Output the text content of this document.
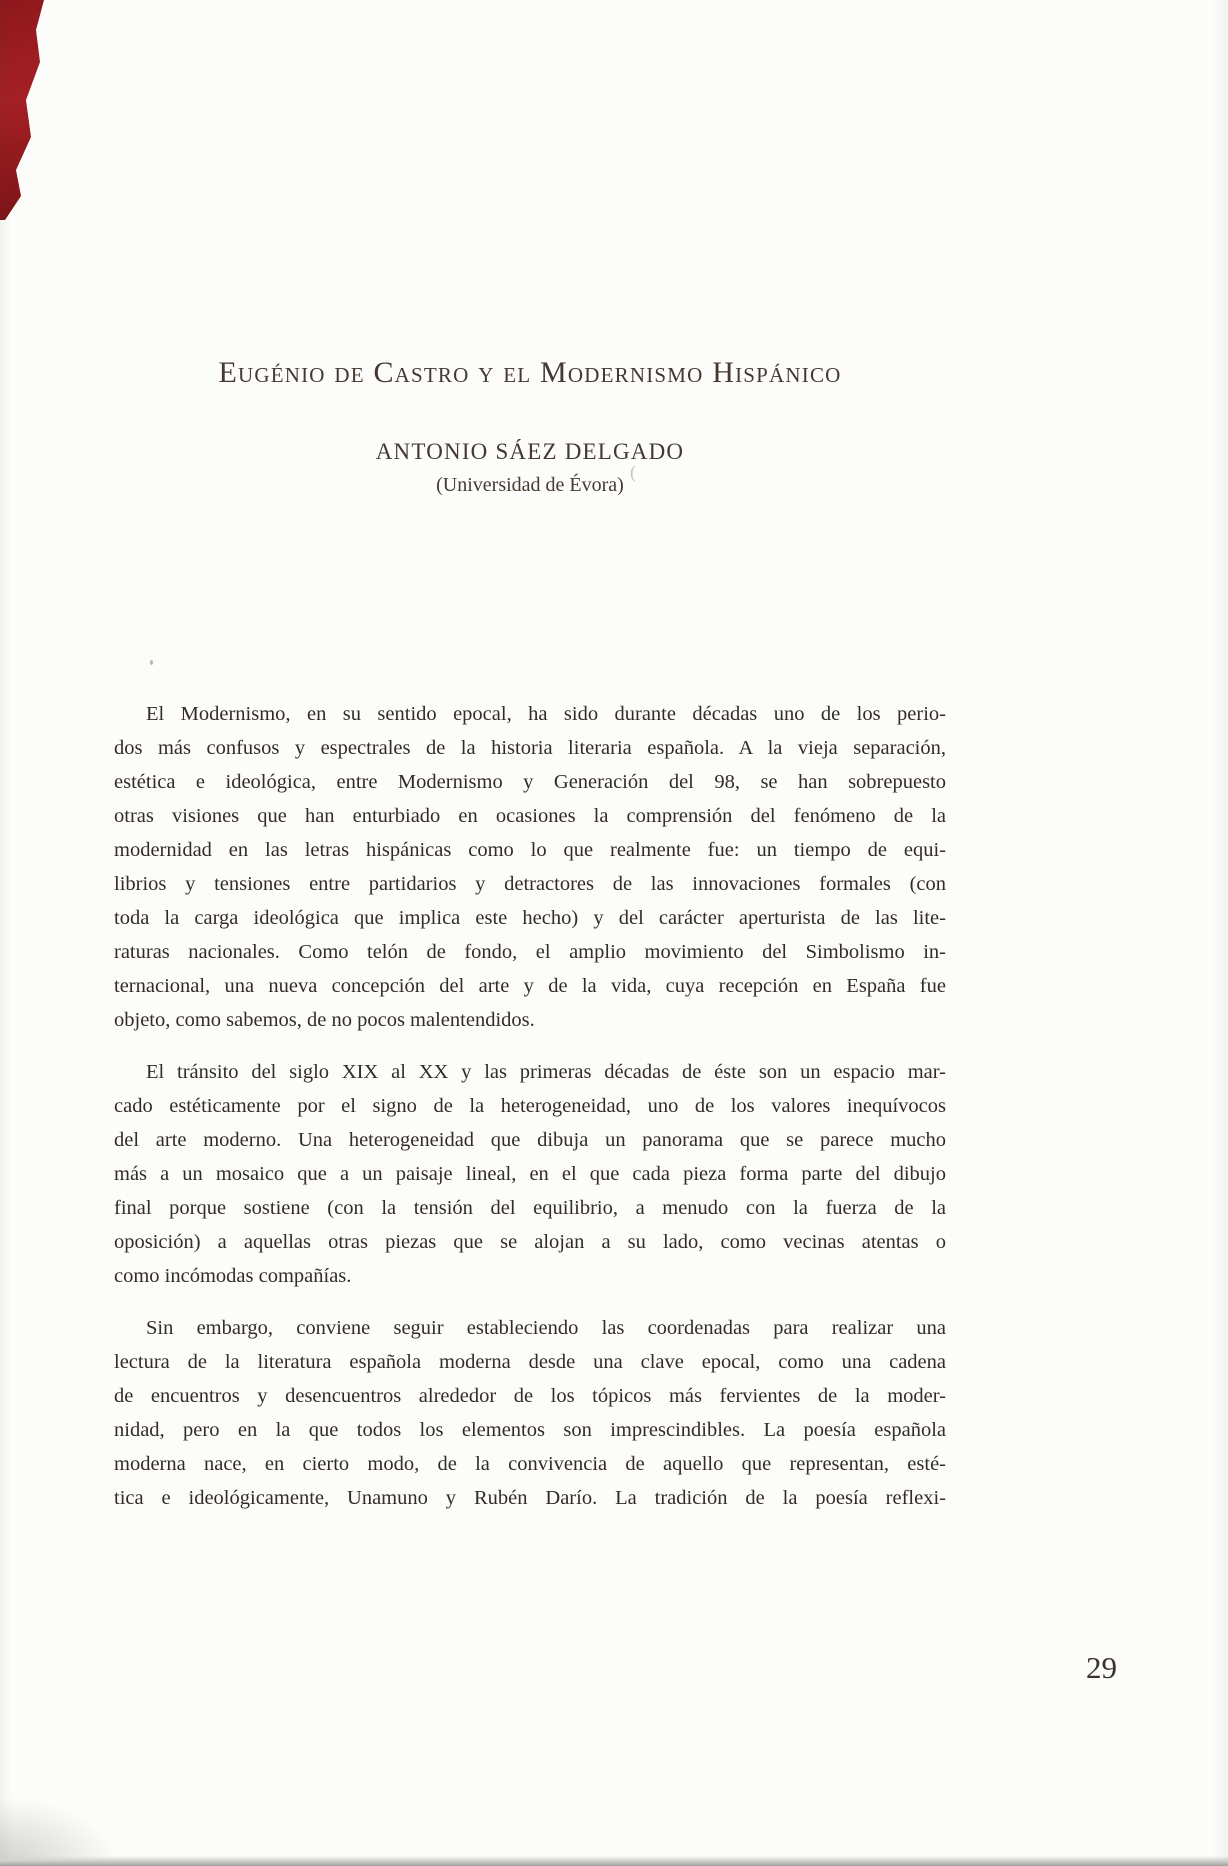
Eugénio de Castro y el Modernismo Hispánico
ANTONIO SÁEZ DELGADO
(Universidad de Évora)
(
El Modernismo, en su sentido epocal, ha sido durante décadas uno de los perio-
dos más confusos y espectrales de la historia literaria española. A la vieja separación,
estética e ideológica, entre Modernismo y Generación del 98, se han sobrepuesto
otras visiones que han enturbiado en ocasiones la comprensión del fenómeno de la
modernidad en las letras hispánicas como lo que realmente fue: un tiempo de equi-
librios y tensiones entre partidarios y detractores de las innovaciones formales (con
toda la carga ideológica que implica este hecho) y del carácter aperturista de las lite-
raturas nacionales. Como telón de fondo, el amplio movimiento del Simbolismo in-
ternacional, una nueva concepción del arte y de la vida, cuya recepción en España fue
objeto, como sabemos, de no pocos malentendidos.
El tránsito del siglo XIX al XX y las primeras décadas de éste son un espacio mar-
cado estéticamente por el signo de la heterogeneidad, uno de los valores inequívocos
del arte moderno. Una heterogeneidad que dibuja un panorama que se parece mucho
más a un mosaico que a un paisaje lineal, en el que cada pieza forma parte del dibujo
final porque sostiene (con la tensión del equilibrio, a menudo con la fuerza de la
oposición) a aquellas otras piezas que se alojan a su lado, como vecinas atentas o
como incómodas compañías.
Sin embargo, conviene seguir estableciendo las coordenadas para realizar una
lectura de la literatura española moderna desde una clave epocal, como una cadena
de encuentros y desencuentros alrededor de los tópicos más fervientes de la moder-
nidad, pero en la que todos los elementos son imprescindibles. La poesía española
moderna nace, en cierto modo, de la convivencia de aquello que representan, esté-
tica e ideológicamente, Unamuno y Rubén Darío. La tradición de la poesía reflexi-
29
